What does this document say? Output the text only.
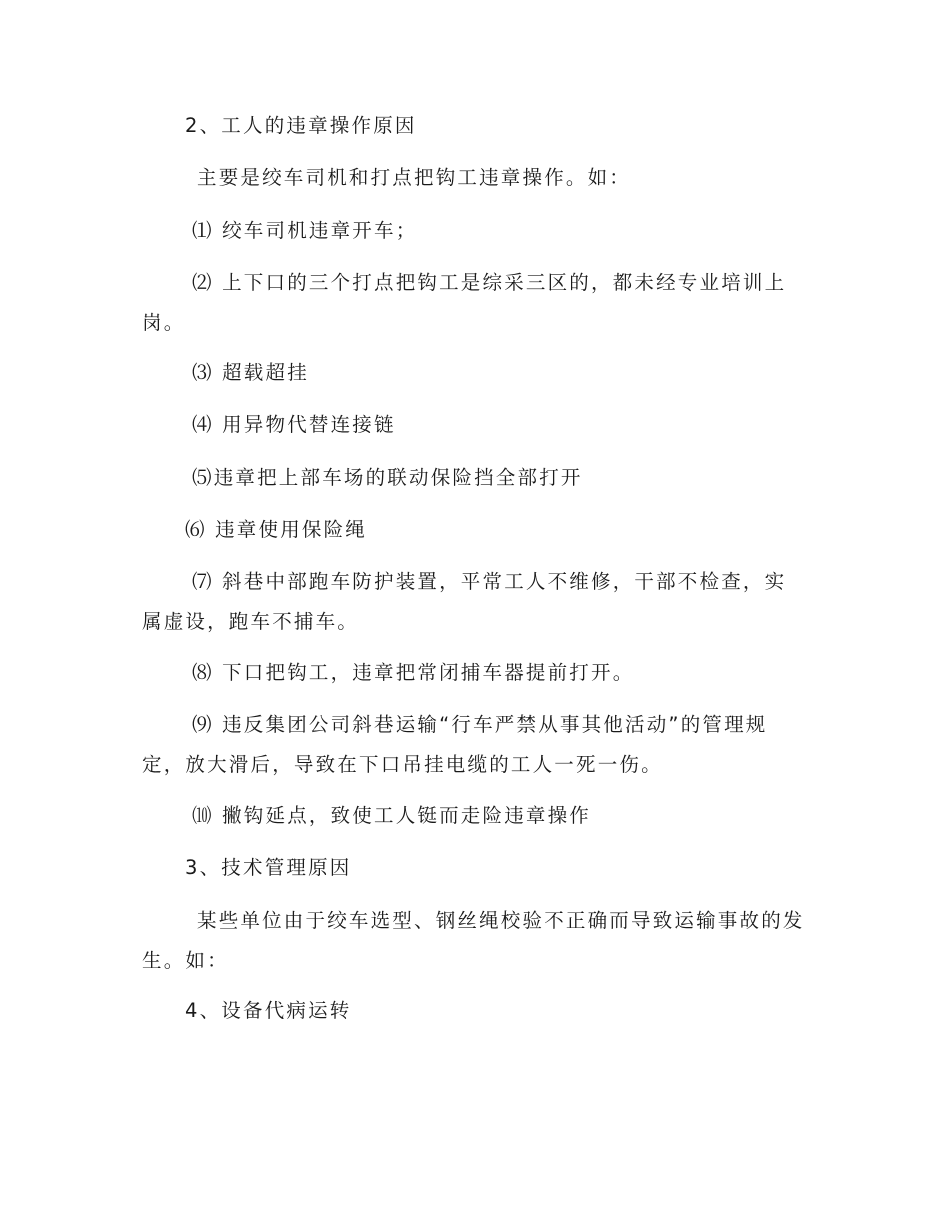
2、工人的违章操作原因

主要是绞车司机和打点把钩工违章操作。如：

⑴ 绞车司机违章开车；

⑵ 上下口的三个打点把钩工是综采三区的，都未经专业培训上岗。

⑶ 超载超挂

⑷ 用异物代替连接链

⑸违章把上部车场的联动保险挡全部打开

⑹ 违章使用保险绳

⑺ 斜巷中部跑车防护装置，平常工人不维修，干部不检查，实属虚设，跑车不捕车。

⑻ 下口把钩工，违章把常闭捕车器提前打开。

⑼ 违反集团公司斜巷运输“行车严禁从事其他活动”的管理规定，放大滑后，导致在下口吊挂电缆的工人一死一伤。

⑽ 撇钩延点，致使工人铤而走险违章操作

3、技术管理原因

某些单位由于绞车选型、钢丝绳校验不正确而导致运输事故的发生。如：

4、设备代病运转
